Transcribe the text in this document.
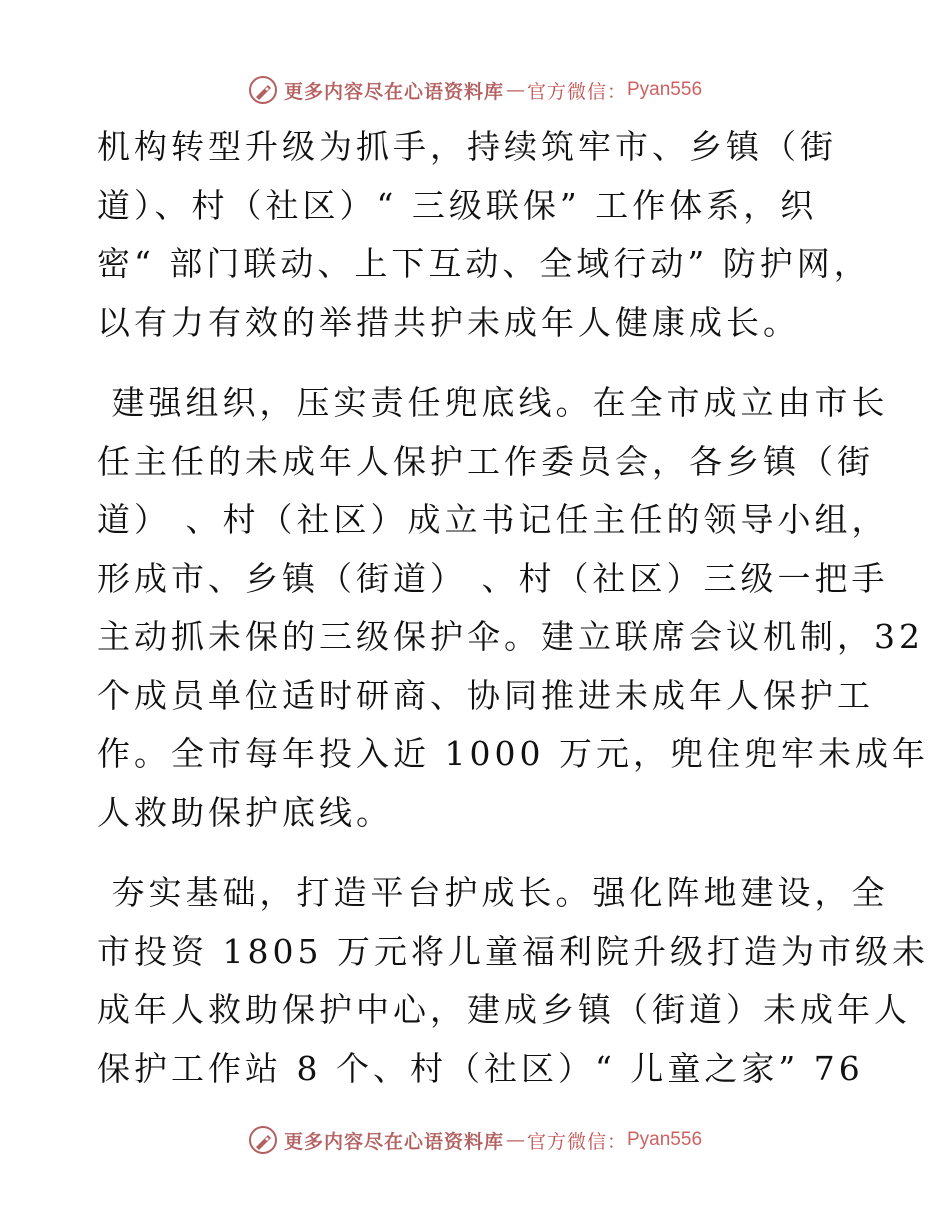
更多内容尽在心语资料库 — 官方微信： Pyan556
机构转型升级为抓手，持续筑牢市、乡镇（街
道）、村（社区）“ 三级联保” 工作体系，织
密“ 部门联动、上下互动、全域行动” 防护网，
以有力有效的举措共护未成年人健康成长。
建强组织，压实责任兜底线。在全市成立由市长
任主任的未成年人保护工作委员会，各乡镇（街
道） 、村（社区）成立书记任主任的领导小组，
形成市、乡镇（街道） 、村（社区）三级一把手
主动抓未保的三级保护伞。建立联席会议机制，32
个成员单位适时研商、协同推进未成年人保护工
作。全市每年投入近 1000 万元，兜住兜牢未成年
人救助保护底线。
夯实基础，打造平台护成长。强化阵地建设，全
市投资 1805 万元将儿童福利院升级打造为市级未
成年人救助保护中心，建成乡镇（街道）未成年人
保护工作站 8 个、村（社区）“ 儿童之家” 76
更多内容尽在心语资料库 — 官方微信： Pyan556
